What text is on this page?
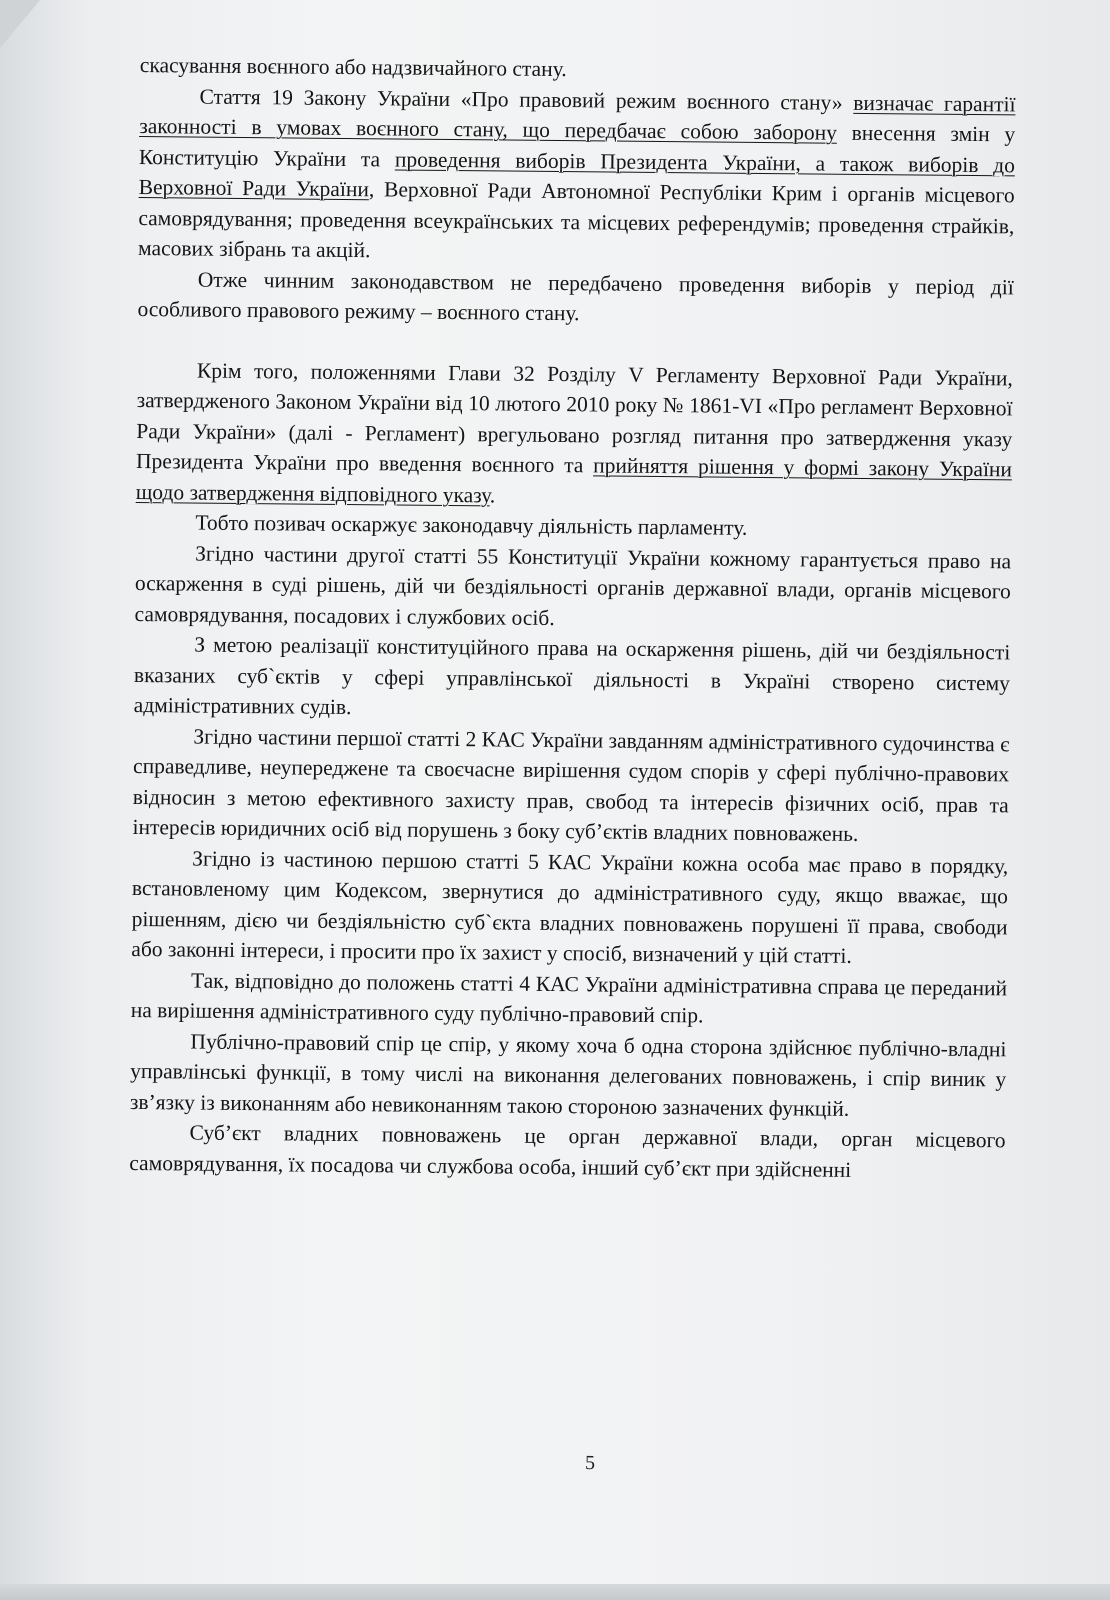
скасування воєнного або надзвичайного стану.

Стаття 19 Закону України «Про правовий режим воєнного стану» визначає гарантії законності в умовах воєнного стану, що передбачає собою заборону внесення змін у Конституцію України та проведення виборів Президента України, а також виборів до Верховної Ради України, Верховної Ради Автономної Республіки Крим і органів місцевого самоврядування; проведення всеукраїнських та місцевих референдумів; проведення страйків, масових зібрань та акцій.

Отже чинним законодавством не передбачено проведення виборів у період дії особливого правового режиму – воєнного стану.

Крім того, положеннями Глави 32 Розділу V Регламенту Верховної Ради України, затвердженого Законом України від 10 лютого 2010 року № 1861-VI «Про регламент Верховної Ради України» (далі - Регламент) врегульовано розгляд питання про затвердження указу Президента України про введення воєнного та прийняття рішення у формі закону України щодо затвердження відповідного указу.

Тобто позивач оскаржує законодавчу діяльність парламенту.

Згідно частини другої статті 55 Конституції України кожному гарантується право на оскарження в суді рішень, дій чи бездіяльності органів державної влади, органів місцевого самоврядування, посадових і службових осіб.

З метою реалізації конституційного права на оскарження рішень, дій чи бездіяльності вказаних суб`єктів у сфері управлінської діяльності в Україні створено систему адміністративних судів.

Згідно частини першої статті 2 КАС України завданням адміністративного судочинства є справедливе, неупереджене та своєчасне вирішення судом спорів у сфері публічно-правових відносин з метою ефективного захисту прав, свобод та інтересів фізичних осіб, прав та інтересів юридичних осіб від порушень з боку суб’єктів владних повноважень.

Згідно із частиною першою статті 5 КАС України кожна особа має право в порядку, встановленому цим Кодексом, звернутися до адміністративного суду, якщо вважає, що рішенням, дією чи бездіяльністю суб`єкта владних повноважень порушені її права, свободи або законні інтереси, і просити про їх захист у спосіб, визначений у цій статті.

Так, відповідно до положень статті 4 КАС України адміністративна справа це переданий на вирішення адміністративного суду публічно-правовий спір.

Публічно-правовий спір це спір, у якому хоча б одна сторона здійснює публічно-владні управлінські функції, в тому числі на виконання делегованих повноважень, і спір виник у зв’язку із виконанням або невиконанням такою стороною зазначених функцій.

Суб’єкт владних повноважень це орган державної влади, орган місцевого самоврядування, їх посадова чи службова особа, інший суб’єкт при здійсненні

5
